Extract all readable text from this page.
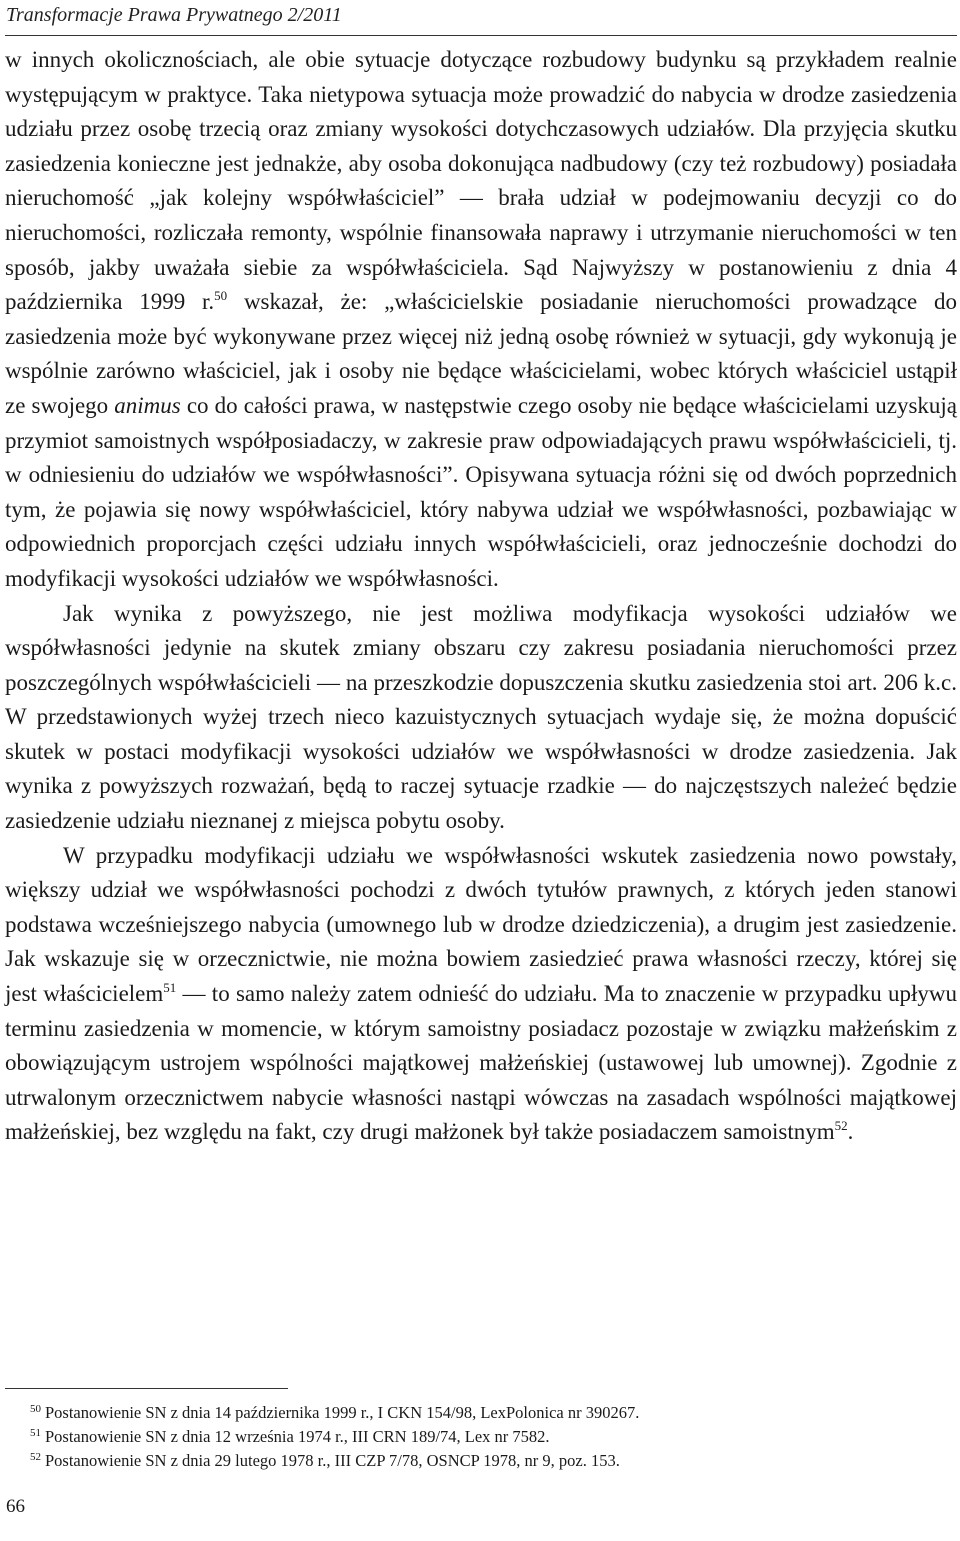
Transformacje Prawa Prywatnego 2/2011

w innych okolicznościach, ale obie sytuacje dotyczące rozbudowy budynku są przykładem realnie występującym w praktyce. Taka nietypowa sytuacja może prowadzić do nabycia w drodze zasiedzenia udziału przez osobę trzecią oraz zmiany wysokości dotychczasowych udziałów. Dla przyjęcia skutku zasiedzenia konieczne jest jednakże, aby osoba dokonująca nadbudowy (czy też rozbudowy) posiadała nieruchomość „jak kolejny współwłaściciel” — brała udział w podejmowaniu decyzji co do nieruchomości, rozliczała remonty, wspólnie finansowała naprawy i utrzymanie nieruchomości w ten sposób, jakby uważała siebie za współwłaściciela. Sąd Najwyższy w postanowieniu z dnia 4 października 1999 r.$^{50}$ wskazał, że: „właścicielskie posiadanie nieruchomości prowadzące do zasiedzenia może być wykonywane przez więcej niż jedną osobę również w sytuacji, gdy wykonują je wspólnie zarówno właściciel, jak i osoby nie będące właścicielami, wobec których właściciel ustąpił ze swojego animus co do całości prawa, w następstwie czego osoby nie będące właścicielami uzyskują przymiot samoistnych współposiadaczy, w zakresie praw odpowiadających prawu współwłaścicieli, tj. w odniesieniu do udziałów we współwłasności”. Opisywana sytuacja różni się od dwóch poprzednich tym, że pojawia się nowy współwłaściciel, który nabywa udział we współwłasności, pozbawiając w odpowiednich proporcjach części udziału innych współwłaścicieli, oraz jednocześnie dochodzi do modyfikacji wysokości udziałów we współwłasności.

Jak wynika z powyższego, nie jest możliwa modyfikacja wysokości udziałów we współwłasności jedynie na skutek zmiany obszaru czy zakresu posiadania nieruchomości przez poszczególnych współwłaścicieli — na przeszkodzie dopuszczenia skutku zasiedzenia stoi art. 206 k.c. W przedstawionych wyżej trzech nieco kazuistycznych sytuacjach wydaje się, że można dopuścić skutek w postaci modyfikacji wysokości udziałów we współwłasności w drodze zasiedzenia. Jak wynika z powyższych rozważań, będą to raczej sytuacje rzadkie — do najczęstszych należeć będzie zasiedzenie udziału nieznanej z miejsca pobytu osoby.

W przypadku modyfikacji udziału we współwłasności wskutek zasiedzenia nowo powstały, większy udział we współwłasności pochodzi z dwóch tytułów prawnych, z których jeden stanowi podstawa wcześniejszego nabycia (umownego lub w drodze dziedziczenia), a drugim jest zasiedzenie. Jak wskazuje się w orzecznictwie, nie można bowiem zasiedzieć prawa własności rzeczy, której się jest właścicielem$^{51}$ — to samo należy zatem odnieść do udziału. Ma to znaczenie w przypadku upływu terminu zasiedzenia w momencie, w którym samoistny posiadacz pozostaje w związku małżeńskim z obowiązującym ustrojem wspólności majątkowej małżeńskiej (ustawowej lub umownej). Zgodnie z utrwalonym orzecznictwem nabycie własności nastąpi wówczas na zasadach wspólności majątkowej małżeńskiej, bez względu na fakt, czy drugi małżonek był także posiadaczem samoistnym$^{52}$.

$^{50}$ Postanowienie SN z dnia 14 października 1999 r., I CKN 154/98, LexPolonica nr 390267.

$^{51}$ Postanowienie SN z dnia 12 września 1974 r., III CRN 189/74, Lex nr 7582.

$^{52}$ Postanowienie SN z dnia 29 lutego 1978 r., III CZP 7/78, OSNCP 1978, nr 9, poz. 153.

66
